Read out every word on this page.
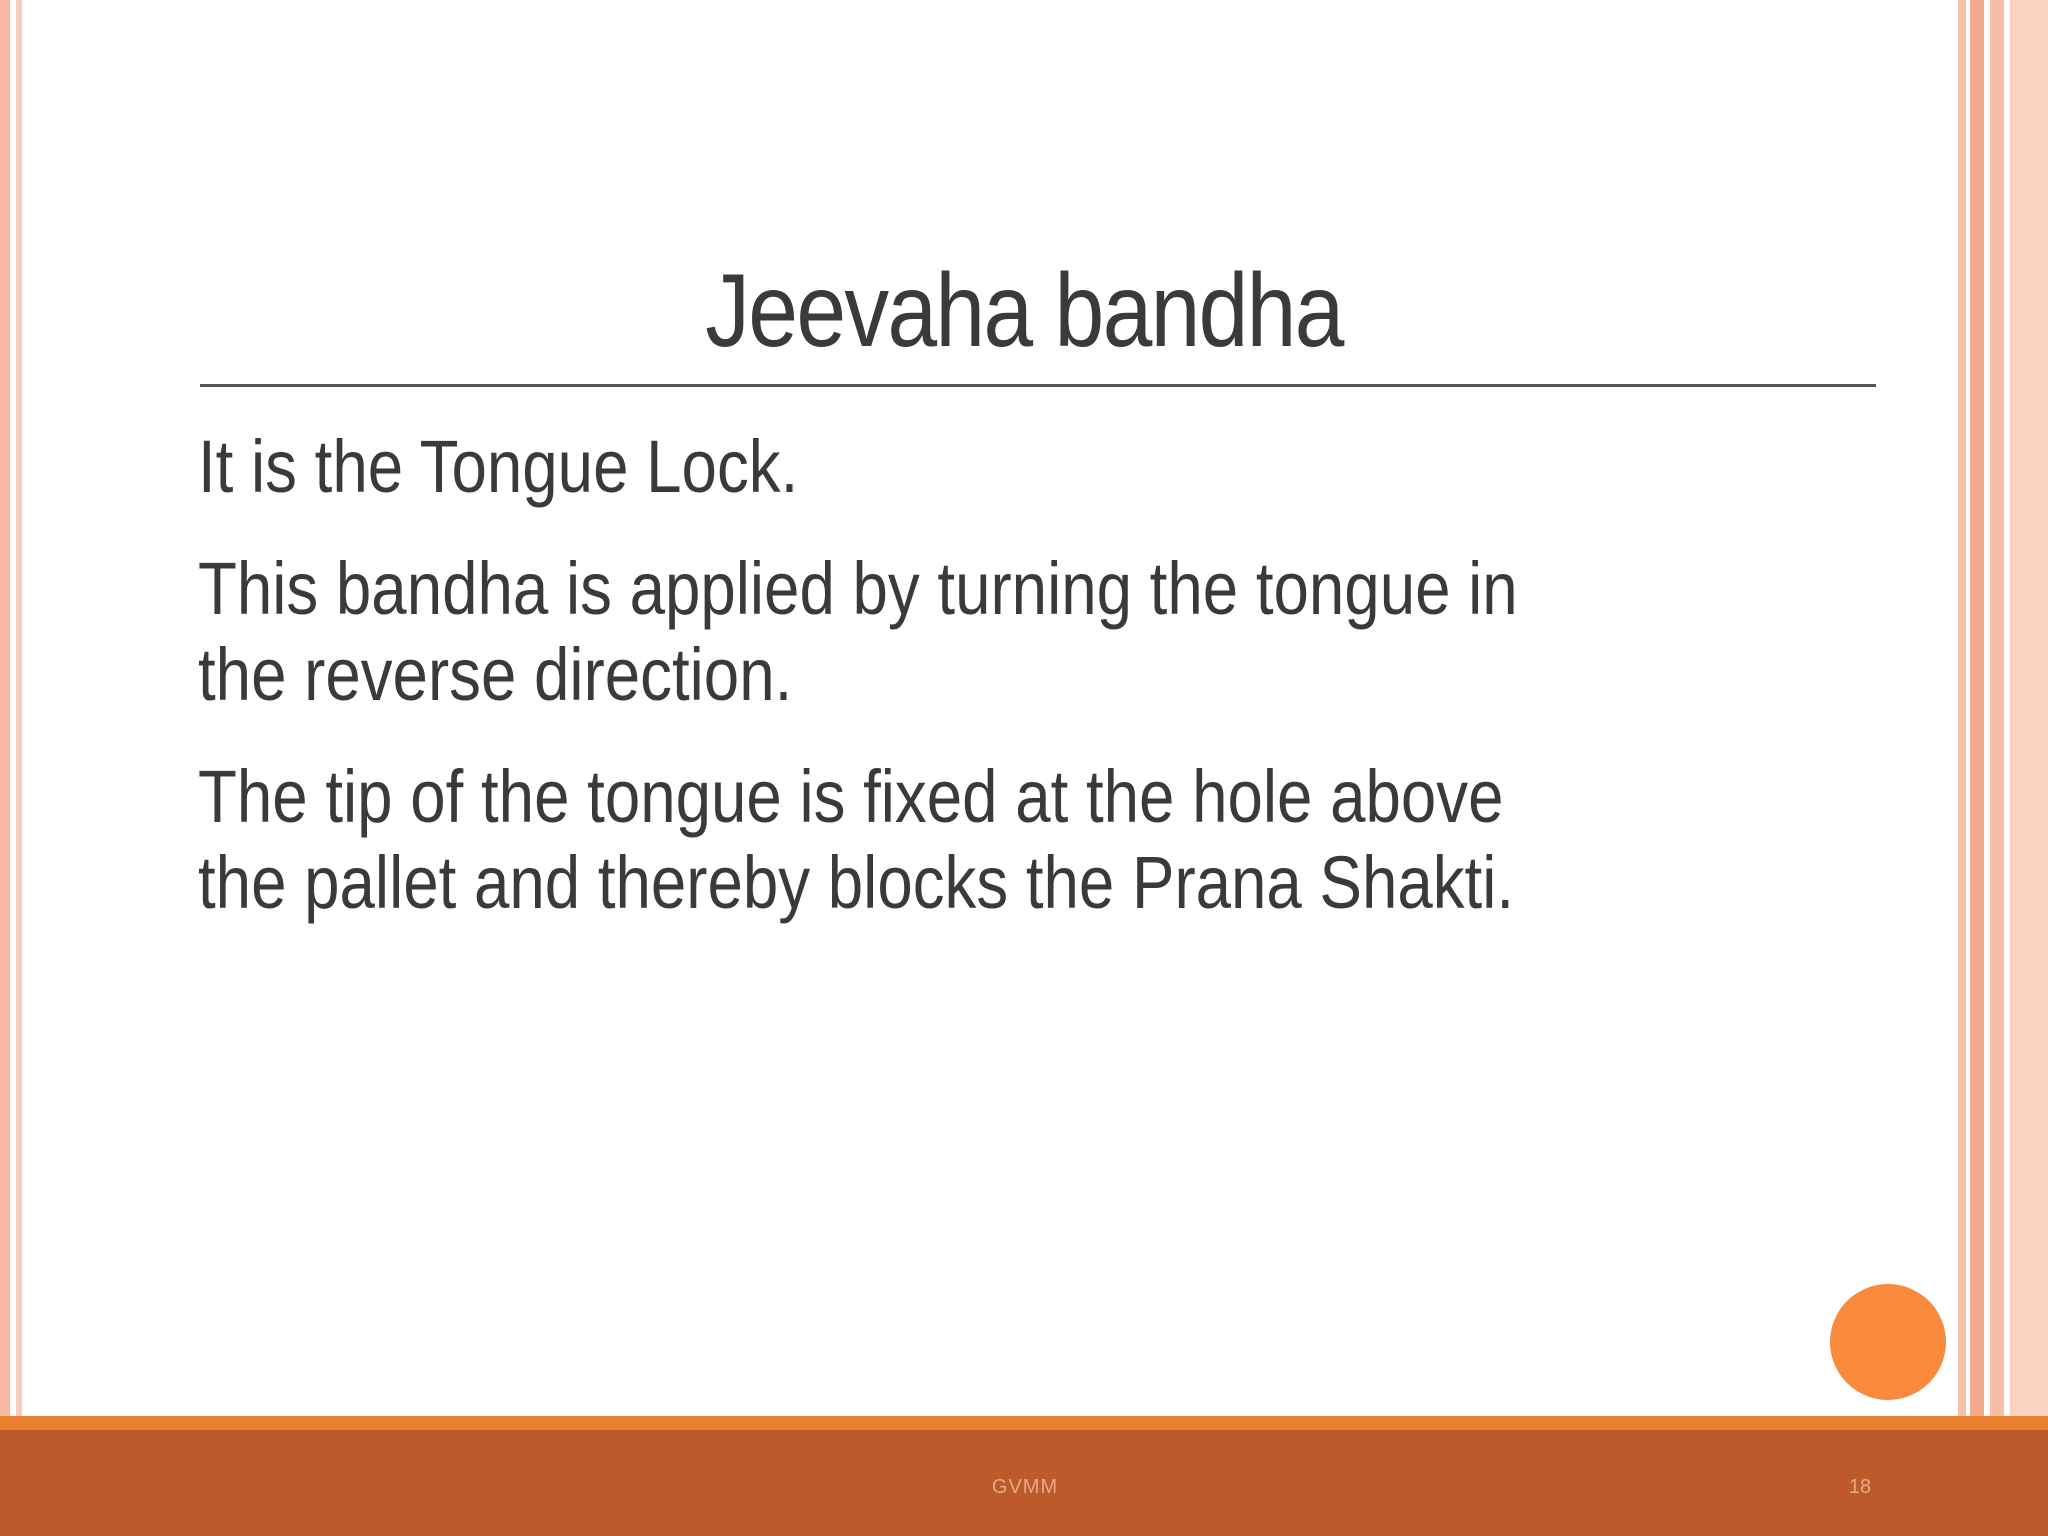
Jeevaha bandha

It is the Tongue Lock.

This bandha is applied by turning the tongue in the reverse direction.

The tip of the tongue is fixed at the hole above the pallet and thereby blocks the Prana Shakti.

GVMM	18
